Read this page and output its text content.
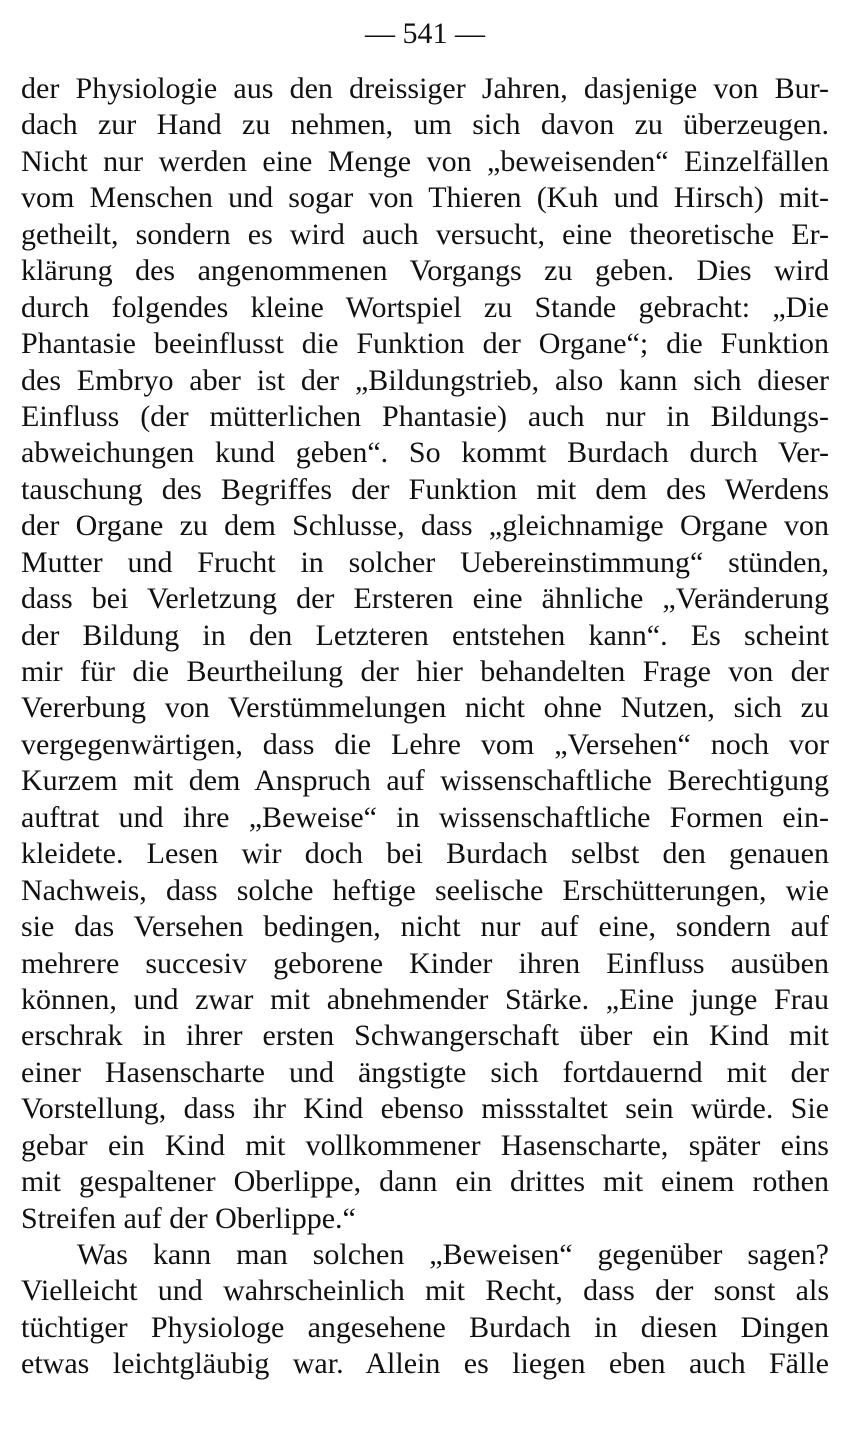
— 541 —
der Physiologie aus den dreissiger Jahren, dasjenige von Bur-
dach zur Hand zu nehmen, um sich davon zu überzeugen.
Nicht nur werden eine Menge von „beweisenden“ Einzelfällen
vom Menschen und sogar von Thieren (Kuh und Hirsch) mit-
getheilt, sondern es wird auch versucht, eine theoretische Er-
klärung des angenommenen Vorgangs zu geben. Dies wird
durch folgendes kleine Wortspiel zu Stande gebracht: „Die
Phantasie beeinflusst die Funktion der Organe“; die Funktion
des Embryo aber ist der „Bildungstrieb, also kann sich dieser
Einfluss (der mütterlichen Phantasie) auch nur in Bildungs-
abweichungen kund geben“. So kommt Burdach durch Ver-
tauschung des Begriffes der Funktion mit dem des Werdens
der Organe zu dem Schlusse, dass „gleichnamige Organe von
Mutter und Frucht in solcher Uebereinstimmung“ stünden,
dass bei Verletzung der Ersteren eine ähnliche „Veränderung
der Bildung in den Letzteren entstehen kann“. Es scheint
mir für die Beurtheilung der hier behandelten Frage von der
Vererbung von Verstümmelungen nicht ohne Nutzen, sich zu
vergegenwärtigen, dass die Lehre vom „Versehen“ noch vor
Kurzem mit dem Anspruch auf wissenschaftliche Berechtigung
auftrat und ihre „Beweise“ in wissenschaftliche Formen ein-
kleidete. Lesen wir doch bei Burdach selbst den genauen
Nachweis, dass solche heftige seelische Erschütterungen, wie
sie das Versehen bedingen, nicht nur auf eine, sondern auf
mehrere succesiv geborene Kinder ihren Einfluss ausüben
können, und zwar mit abnehmender Stärke. „Eine junge Frau
erschrak in ihrer ersten Schwangerschaft über ein Kind mit
einer Hasenscharte und ängstigte sich fortdauernd mit der
Vorstellung, dass ihr Kind ebenso missstaltet sein würde. Sie
gebar ein Kind mit vollkommener Hasenscharte, später eins
mit gespaltener Oberlippe, dann ein drittes mit einem rothen
Streifen auf der Oberlippe.“
Was kann man solchen „Beweisen“ gegenüber sagen?
Vielleicht und wahrscheinlich mit Recht, dass der sonst als
tüchtiger Physiologe angesehene Burdach in diesen Dingen
etwas leichtgläubig war. Allein es liegen eben auch Fälle
